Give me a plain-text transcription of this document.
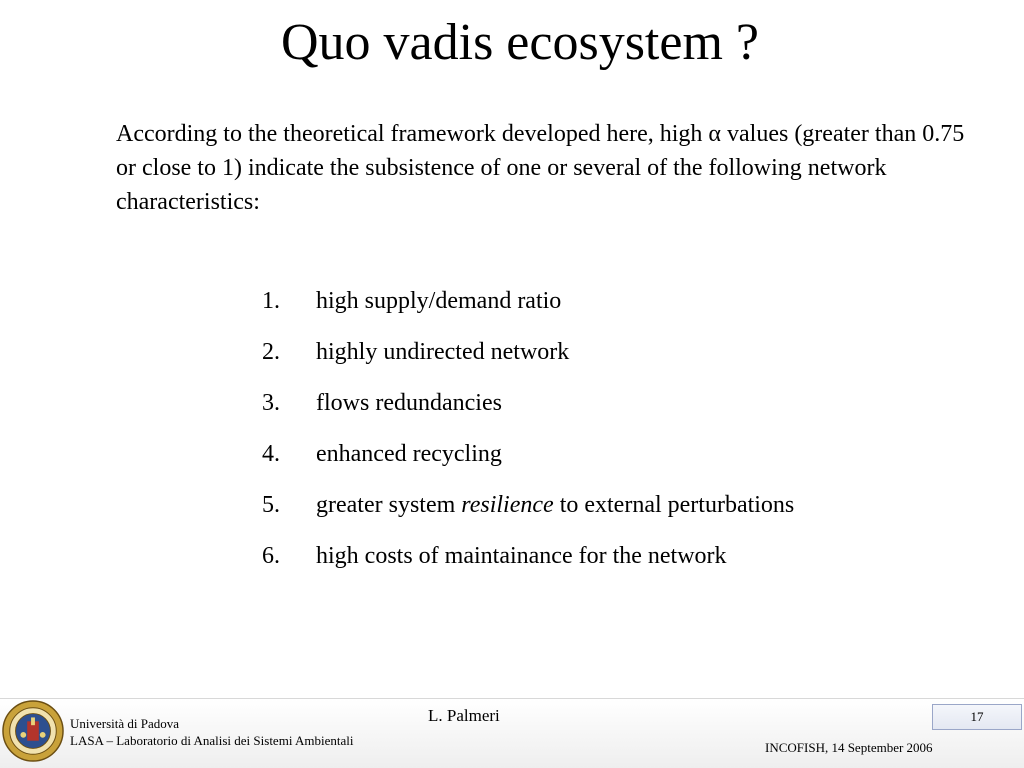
Quo vadis ecosystem ?
According to the theoretical framework developed here, high α values (greater than 0.75 or close to 1) indicate the subsistence of one or several of the following network characteristics:
1.	high supply/demand ratio
2.	highly undirected network
3.	flows redundancies
4.	enhanced recycling
5.	greater system resilience to external perturbations
6.	high costs of maintainance for the network
Università di Padova
LASA – Laboratorio di Analisi dei Sistemi Ambientali
L. Palmeri	17
INCOFISH, 14 September 2006
